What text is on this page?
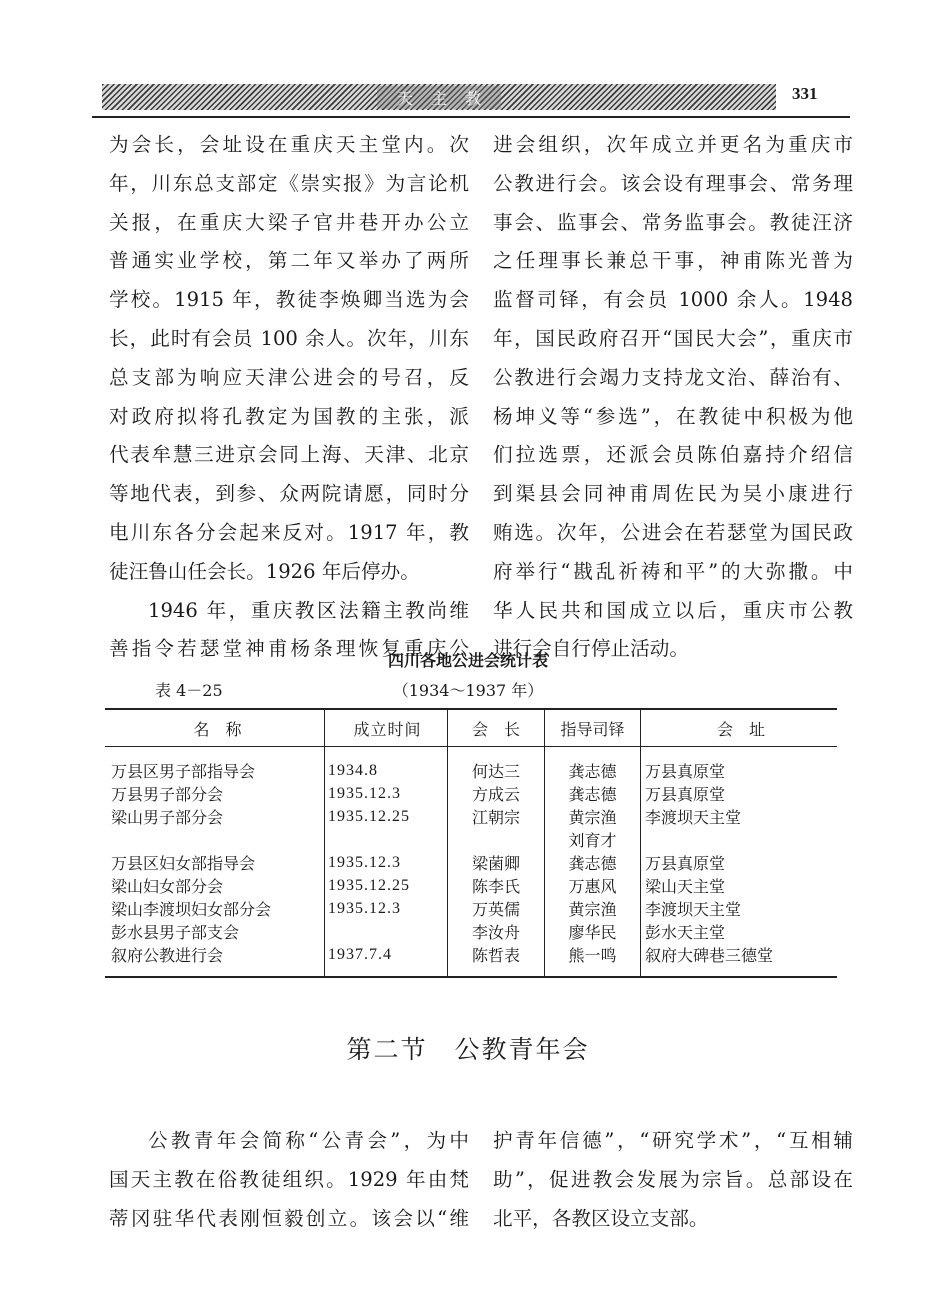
天主教	331

为会长，会址设在重庆天主堂内。次

年，川东总支部定《崇实报》为言论机

关报，在重庆大梁子官井巷开办公立

普通实业学校，第二年又举办了两所

学校。1915 年，教徒李焕卿当选为会

长，此时有会员 100 余人。次年，川东

总支部为响应天津公进会的号召，反

对政府拟将孔教定为国教的主张，派

代表牟慧三进京会同上海、天津、北京

等地代表，到参、众两院请愿，同时分

电川东各分会起来反对。1917 年，教

徒汪鲁山任会长。1926 年后停办。

1946 年，重庆教区法籍主教尚维

善指令若瑟堂神甫杨条理恢复重庆公

进会组织，次年成立并更名为重庆市

公教进行会。该会设有理事会、常务理

事会、监事会、常务监事会。教徒汪济

之任理事长兼总干事，神甫陈光普为

监督司铎，有会员 1000 余人。1948

年，国民政府召开“国民大会”，重庆市

公教进行会竭力支持龙文治、薛治有、

杨坤义等“参选”，在教徒中积极为他

们拉选票，还派会员陈伯嘉持介绍信

到渠县会同神甫周佐民为吴小康进行

贿选。次年，公进会在若瑟堂为国民政

府举行“戡乱祈祷和平”的大弥撒。中

华人民共和国成立以后，重庆市公教

进行会自行停止活动。

四川各地公进会统计表
表 4－25	（1934～1937 年）
名　称	成立时间	会　长	指导司铎	会　址
万县区男子部指导会	1934.8	何达三	龚志德	万县真原堂
万县男子部分会	1935.12.3	方成云	龚志德	万县真原堂
梁山男子部分会	1935.12.25	江朝宗	黄宗渔	李渡坝天主堂
			刘育才	
万县区妇女部指导会	1935.12.3	梁菌卿	龚志德	万县真原堂
梁山妇女部分会	1935.12.25	陈李氏	万惠风	梁山天主堂
梁山李渡坝妇女部分会	1935.12.3	万英儒	黄宗渔	李渡坝天主堂
彭水县男子部支会		李汝舟	廖华民	彭水天主堂
叙府公教进行会	1937.7.4	陈哲表	熊一鸣	叙府大碑巷三德堂
第二节　公教青年会

公教青年会简称“公青会”，为中

国天主教在俗教徒组织。1929 年由梵

蒂冈驻华代表刚恒毅创立。该会以“维

护青年信德”，“研究学术”，“互相辅

助”，促进教会发展为宗旨。总部设在

北平，各教区设立支部。
